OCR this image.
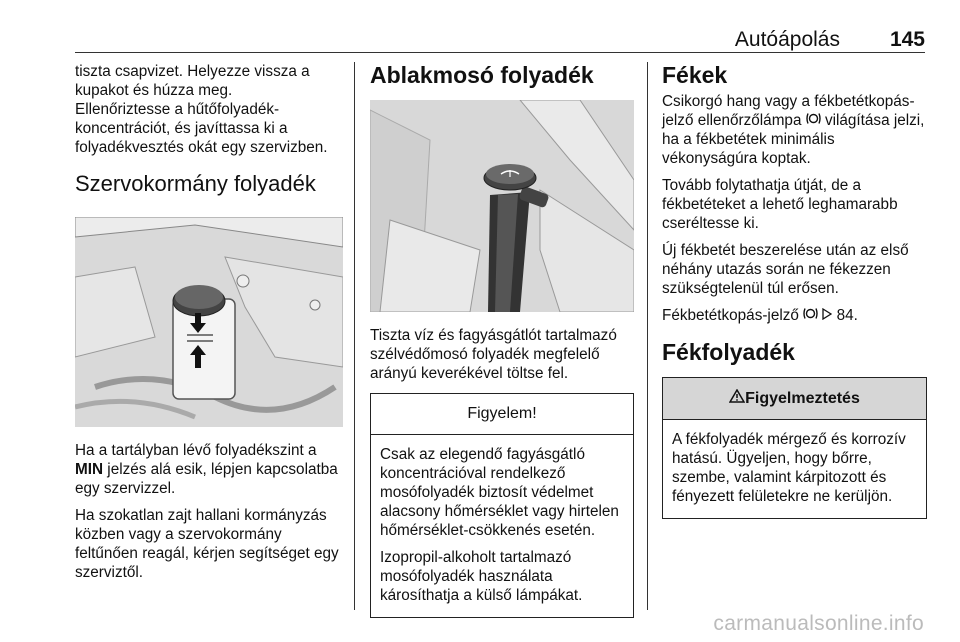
Autóápolás 145

tiszta csapvizet. Helyezze vissza a kupakot és húzza meg.

Ellenőriztesse a hűtőfolyadék-koncentrációt, és javíttassa ki a folyadékvesztés okát egy szervizben.

Szervokormány folyadék

Ha a tartályban lévő folyadékszint a MIN jelzés alá esik, lépjen kapcsolatba egy szervizzel.

Ha szokatlan zajt hallani kormányzás közben vagy a szervokormány feltűnően reagál, kérjen segítséget egy szerviztől.

Ablakmosó folyadék

Tiszta víz és fagyásgátlót tartalmazó szélvédőmosó folyadék megfelelő arányú keverékével töltse fel.

Figyelem!

Csak az elegendő fagyásgátló koncentrációval rendelkező mosófolyadék biztosít védelmet alacsony hőmérséklet vagy hirtelen hőmérséklet-csökkenés esetén.

Izopropil-alkoholt tartalmazó mosófolyadék használata károsíthatja a külső lámpákat.

Fékek

Csikorgó hang vagy a fékbetétkopás-jelző ellenőrzőlámpa  világítása jelzi, ha a fékbetétek minimális vékonyságúra koptak.

Tovább folytathatja útját, de a fékbetéteket a lehető leghamarabb cseréltesse ki.

Új fékbetét beszerelése után az első néhány utazás során ne fékezzen szükségtelenül túl erősen.

Fékbetétkopás-jelző   84.

Fékfolyadék
Figyelmeztetés

A fékfolyadék mérgező és korrozív hatású. Ügyeljen, hogy bőrre, szembe, valamint kárpitozott és fényezett felületekre ne kerüljön.

carmanualsonline.info
